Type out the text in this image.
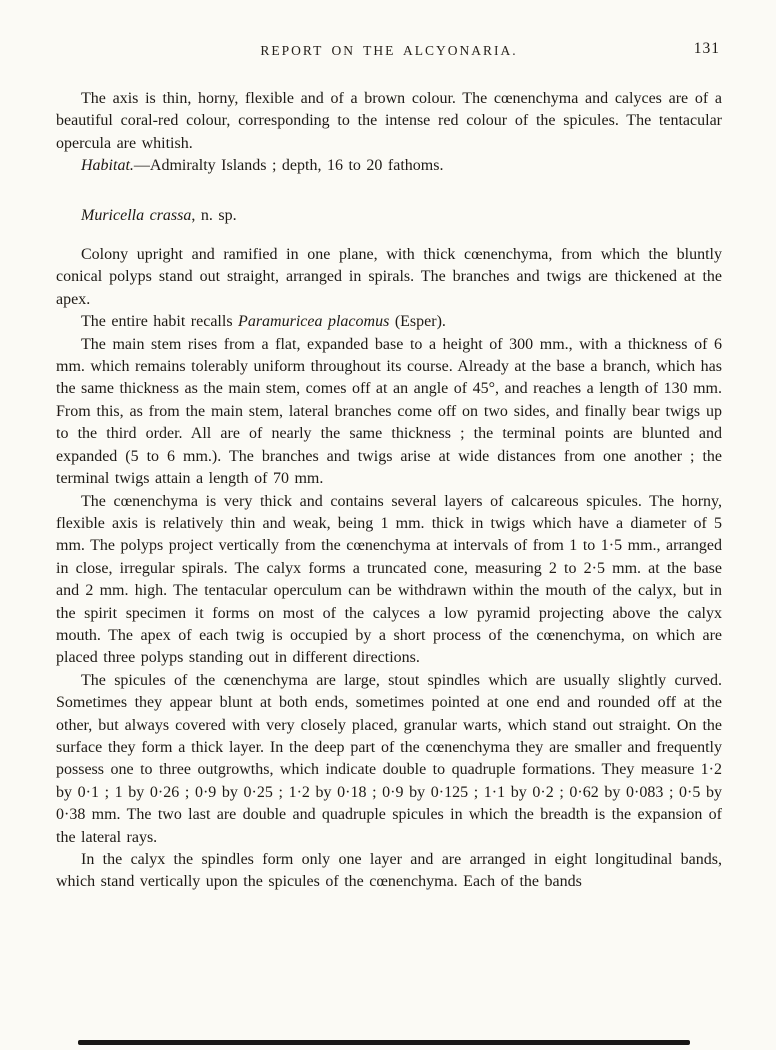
REPORT ON THE ALCYONARIA.	131

The axis is thin, horny, flexible and of a brown colour. The cœnenchyma and calyces are of a beautiful coral-red colour, corresponding to the intense red colour of the spicules. The tentacular opercula are whitish.

Habitat.—Admiralty Islands ; depth, 16 to 20 fathoms.

Muricella crassa, n. sp.

Colony upright and ramified in one plane, with thick cœnenchyma, from which the bluntly conical polyps stand out straight, arranged in spirals. The branches and twigs are thickened at the apex.

The entire habit recalls Paramuricea placomus (Esper).

The main stem rises from a flat, expanded base to a height of 300 mm., with a thickness of 6 mm. which remains tolerably uniform throughout its course. Already at the base a branch, which has the same thickness as the main stem, comes off at an angle of 45°, and reaches a length of 130 mm. From this, as from the main stem, lateral branches come off on two sides, and finally bear twigs up to the third order. All are of nearly the same thickness ; the terminal points are blunted and expanded (5 to 6 mm.). The branches and twigs arise at wide distances from one another ; the terminal twigs attain a length of 70 mm.

The cœnenchyma is very thick and contains several layers of calcareous spicules. The horny, flexible axis is relatively thin and weak, being 1 mm. thick in twigs which have a diameter of 5 mm. The polyps project vertically from the cœnenchyma at intervals of from 1 to 1·5 mm., arranged in close, irregular spirals. The calyx forms a truncated cone, measuring 2 to 2·5 mm. at the base and 2 mm. high. The tentacular operculum can be withdrawn within the mouth of the calyx, but in the spirit specimen it forms on most of the calyces a low pyramid projecting above the calyx mouth. The apex of each twig is occupied by a short process of the cœnenchyma, on which are placed three polyps standing out in different directions.

The spicules of the cœnenchyma are large, stout spindles which are usually slightly curved. Sometimes they appear blunt at both ends, sometimes pointed at one end and rounded off at the other, but always covered with very closely placed, granular warts, which stand out straight. On the surface they form a thick layer. In the deep part of the cœnenchyma they are smaller and frequently possess one to three outgrowths, which indicate double to quadruple formations. They measure 1·2 by 0·1 ; 1 by 0·26 ; 0·9 by 0·25 ; 1·2 by 0·18 ; 0·9 by 0·125 ; 1·1 by 0·2 ; 0·62 by 0·083 ; 0·5 by 0·38 mm. The two last are double and quadruple spicules in which the breadth is the expansion of the lateral rays.

In the calyx the spindles form only one layer and are arranged in eight longitudinal bands, which stand vertically upon the spicules of the cœnenchyma. Each of the bands
